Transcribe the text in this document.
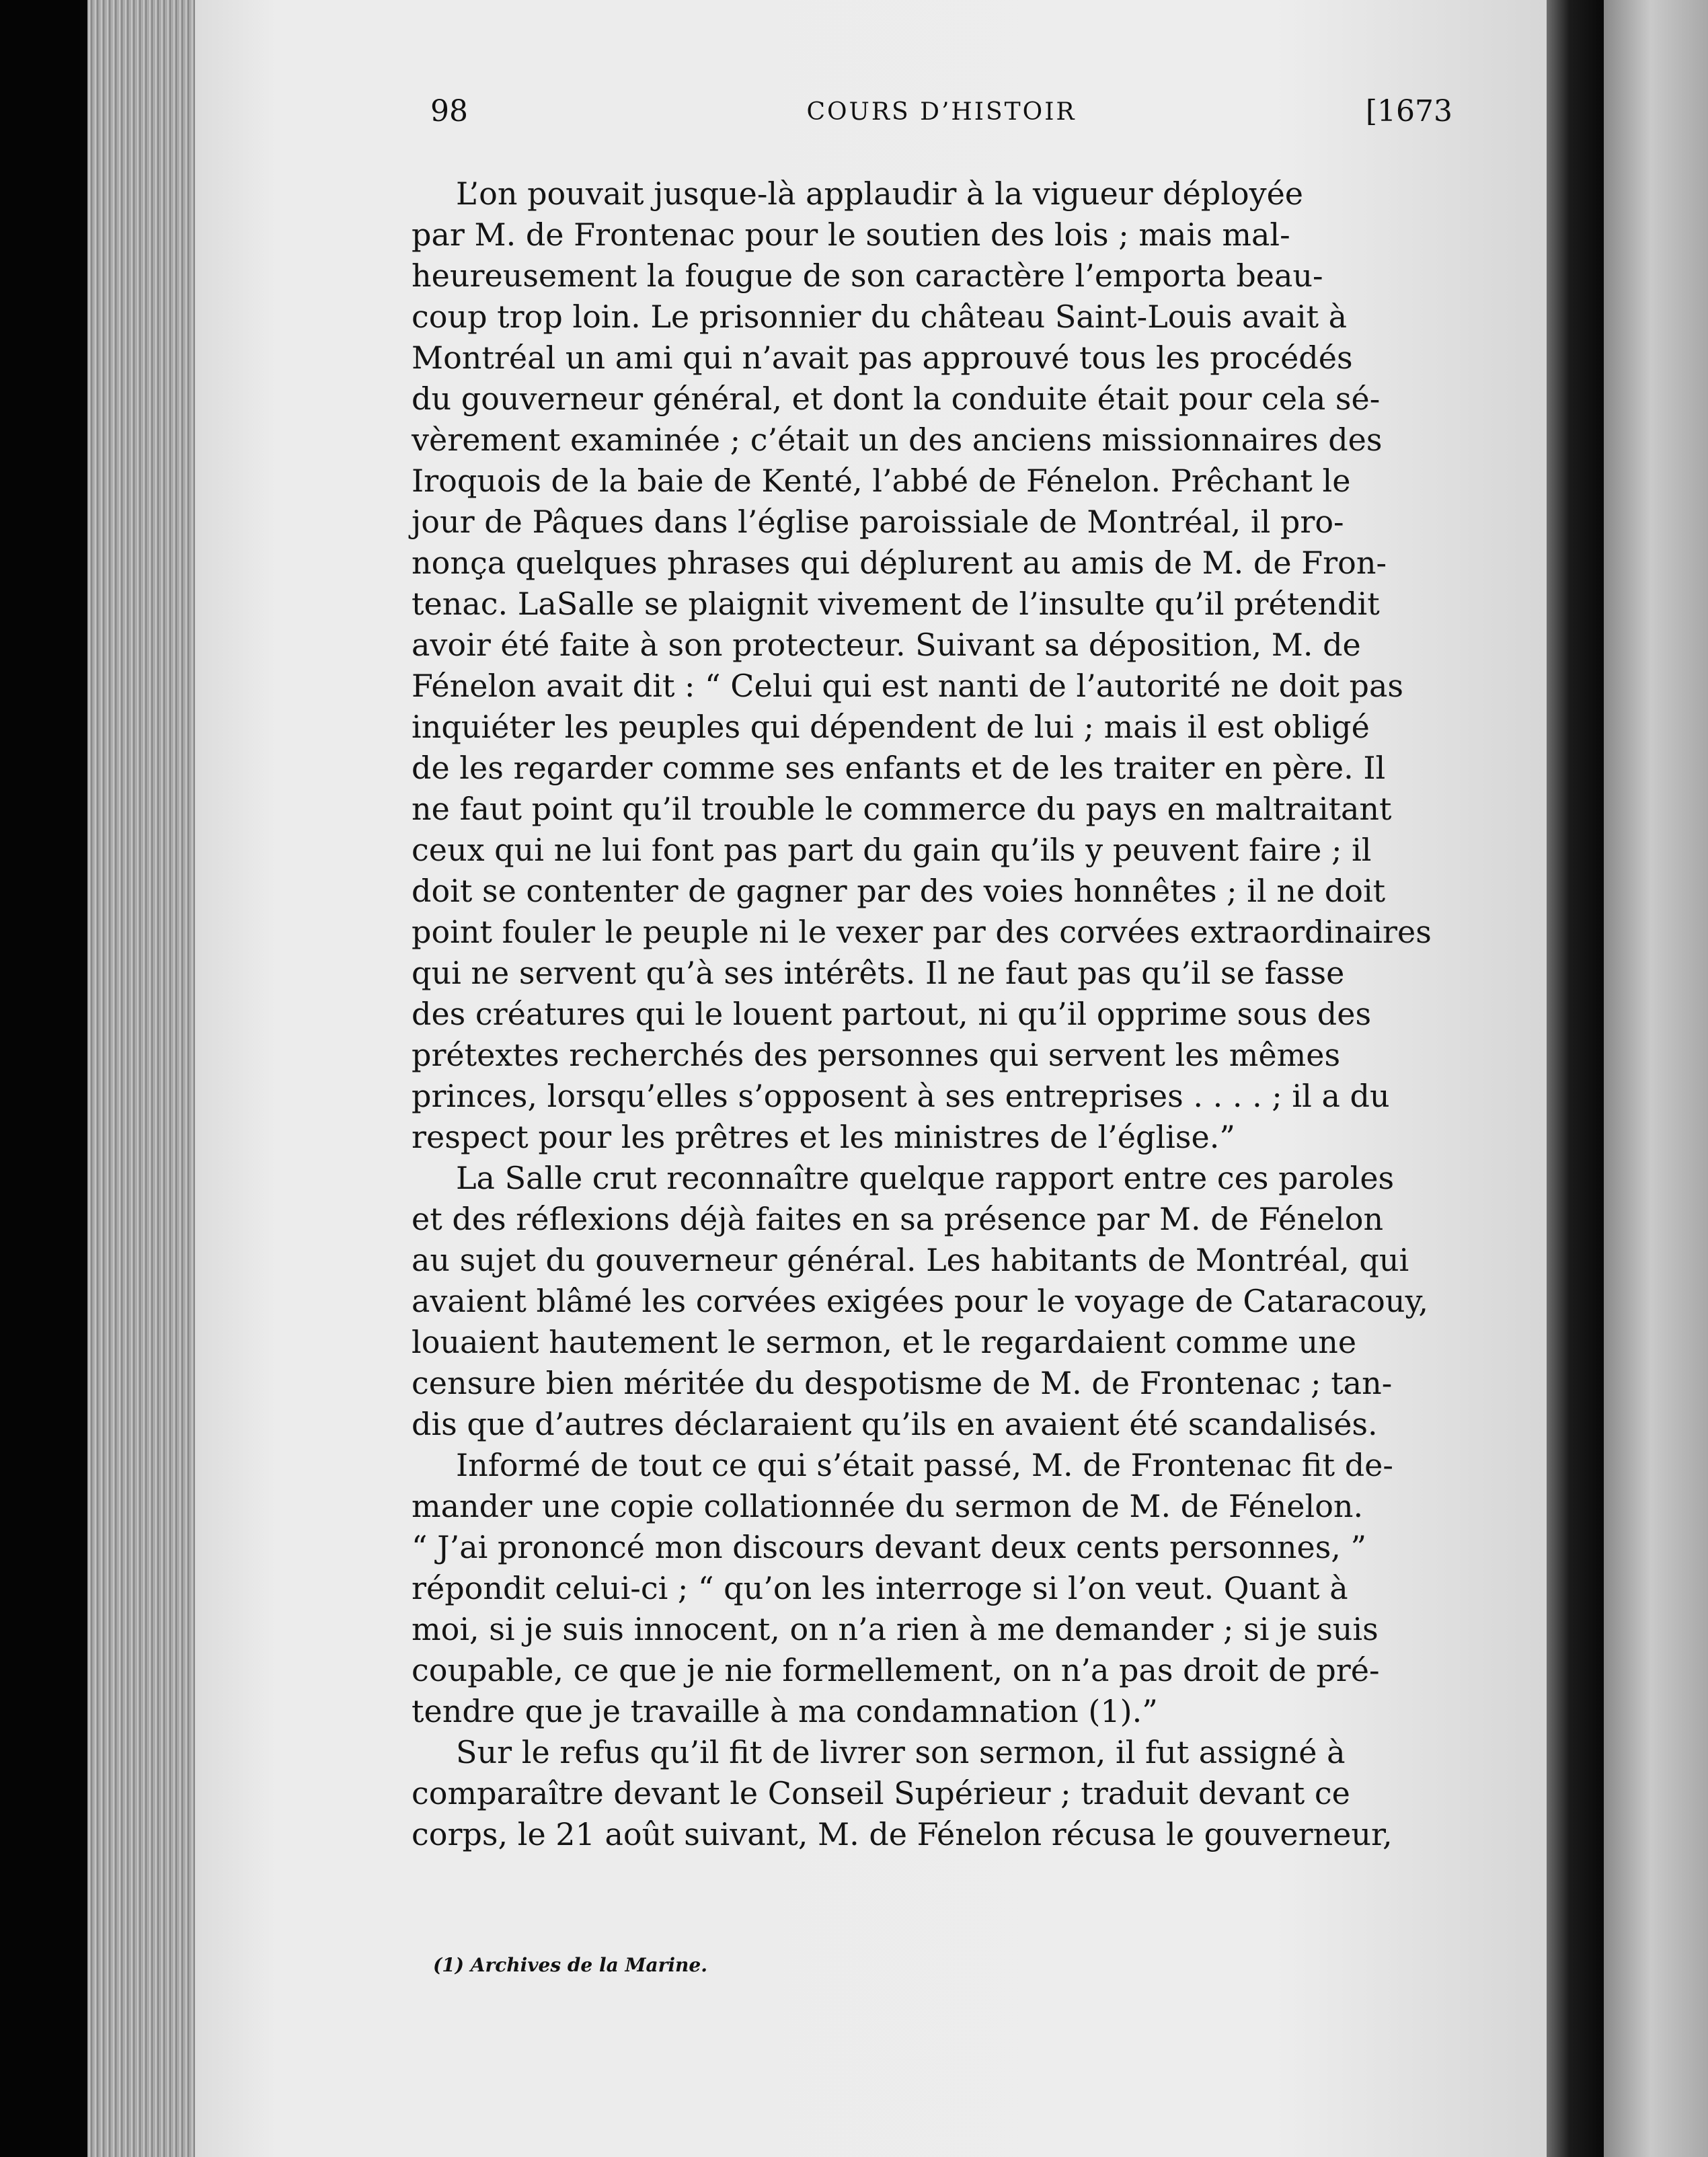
98	COURS D’HISTOIR	[1673

L’on pouvait jusque-là applaudir à la vigueur déployée
par M. de Frontenac pour le soutien des lois ; mais mal-
heureusement la fougue de son caractère l’emporta beau-
coup trop loin. Le prisonnier du château Saint-Louis avait à
Montréal un ami qui n’avait pas approuvé tous les procédés
du gouverneur général, et dont la conduite était pour cela sé-
vèrement examinée ; c’était un des anciens missionnaires des
Iroquois de la baie de Kenté, l’abbé de Fénelon. Prêchant le
jour de Pâques dans l’église paroissiale de Montréal, il pro-
nonça quelques phrases qui déplurent au amis de M. de Fron-
tenac. LaSalle se plaignit vivement de l’insulte qu’il prétendit
avoir été faite à son protecteur. Suivant sa déposition, M. de
Fénelon avait dit : “ Celui qui est nanti de l’autorité ne doit pas
inquiéter les peuples qui dépendent de lui ; mais il est obligé
de les regarder comme ses enfants et de les traiter en père. Il
ne faut point qu’il trouble le commerce du pays en maltraitant
ceux qui ne lui font pas part du gain qu’ils y peuvent faire ; il
doit se contenter de gagner par des voies honnêtes ; il ne doit
point fouler le peuple ni le vexer par des corvées extraordinaires
qui ne servent qu’à ses intérêts. Il ne faut pas qu’il se fasse
des créatures qui le louent partout, ni qu’il opprime sous des
prétextes recherchés des personnes qui servent les mêmes
princes, lorsqu’elles s’opposent à ses entreprises . . . . ; il a du
respect pour les prêtres et les ministres de l’église.”

La Salle crut reconnaître quelque rapport entre ces paroles
et des réflexions déjà faites en sa présence par M. de Fénelon
au sujet du gouverneur général. Les habitants de Montréal, qui
avaient blâmé les corvées exigées pour le voyage de Cataracouy,
louaient hautement le sermon, et le regardaient comme une
censure bien méritée du despotisme de M. de Frontenac ; tan-
dis que d’autres déclaraient qu’ils en avaient été scandalisés.

Informé de tout ce qui s’était passé, M. de Frontenac fit de-
mander une copie collationnée du sermon de M. de Fénelon.
“ J’ai prononcé mon discours devant deux cents personnes, ”
répondit celui-ci ; “ qu’on les interroge si l’on veut. Quant à
moi, si je suis innocent, on n’a rien à me demander ; si je suis
coupable, ce que je nie formellement, on n’a pas droit de pré-
tendre que je travaille à ma condamnation (1).”

Sur le refus qu’il fit de livrer son sermon, il fut assigné à
comparaître devant le Conseil Supérieur ; traduit devant ce
corps, le 21 août suivant, M. de Fénelon récusa le gouverneur,

(1) Archives de la Marine.
